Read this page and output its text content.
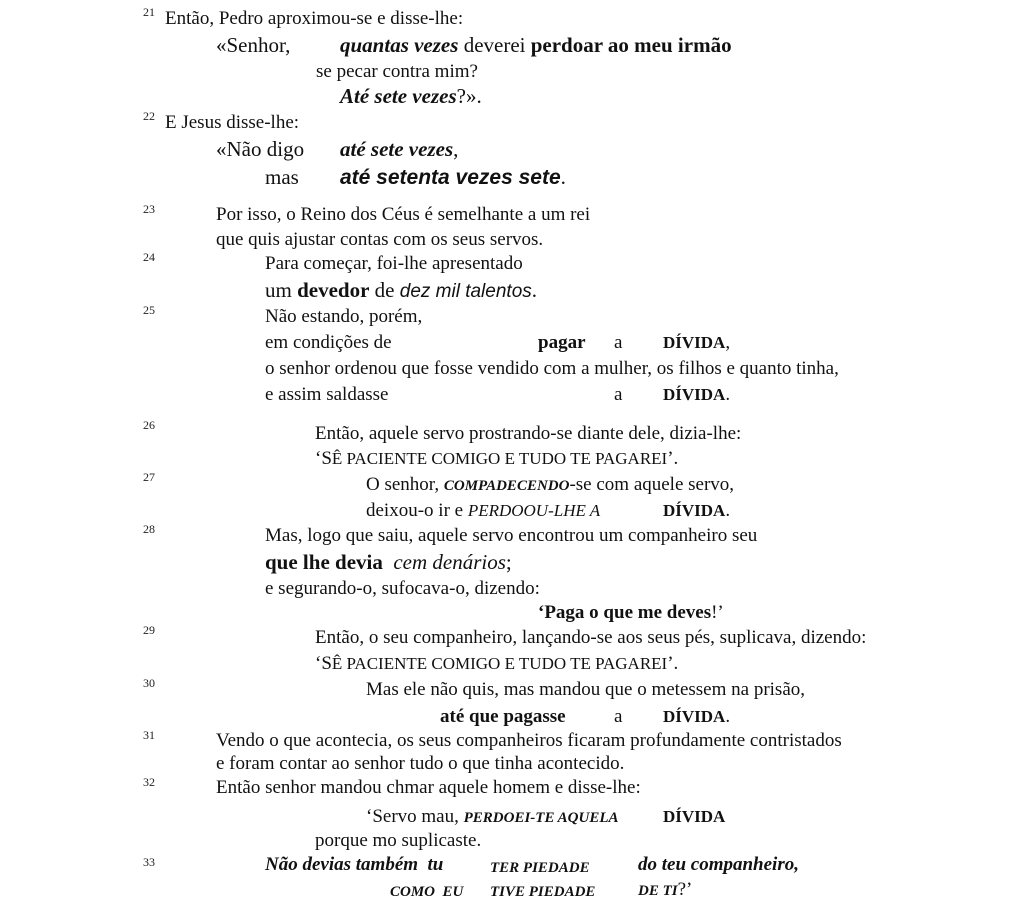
21 Então, Pedro aproximou-se e disse-lhe:
«Senhor, quantas vezes deverei perdoar ao meu irmão
se pecar contra mim?
Até sete vezes?».
22 E Jesus disse-lhe:
«Não digo até sete vezes,
mas até setenta vezes sete.
23	Por isso, o Reino dos Céus é semelhante a um rei
que quis ajustar contas com os seus servos.
24	Para começar, foi-lhe apresentado
um devedor de dez mil talentos.
25	Não estando, porém,
em condições de	pagar a DÍVIDA,
o senhor ordenou que fosse vendido com a mulher, os filhos e quanto tinha,
e assim saldasse	a DÍVIDA.
26	Então, aquele servo prostrando-se diante dele, dizia-lhe:
‘SÊ PACIENTE COMIGO E TUDO TE PAGAREI’.
27	O senhor, COMPADECENDO-se com aquele servo,
deixou-o ir e PERDOOU-LHE A	DÍVIDA.
28	Mas, logo que saiu, aquele servo encontrou um companheiro seu
que lhe devia cem denários;
e segurando-o, sufocava-o, dizendo:
‘Paga o que me deves!’
29	Então, o seu companheiro, lançando-se aos seus pés, suplicava, dizendo:
‘SÊ PACIENTE COMIGO E TUDO TE PAGAREI’.
30	Mas ele não quis, mas mandou que o metessem na prisão,
até que pagasse	a DÍVIDA.
31	Vendo o que acontecia, os seus companheiros ficaram profundamente contristados
e foram contar ao senhor tudo o que tinha acontecido.
32	Então senhor mandou chmar aquele homem e disse-lhe:
‘Servo mau, PERDOEI-TE AQUELA	DÍVIDA
porque mo suplicaste.
33	Não devias também  tu	TER PIEDADE	do teu companheiro,
COMO  EU TIVE PIEDADE	DE TI?’
